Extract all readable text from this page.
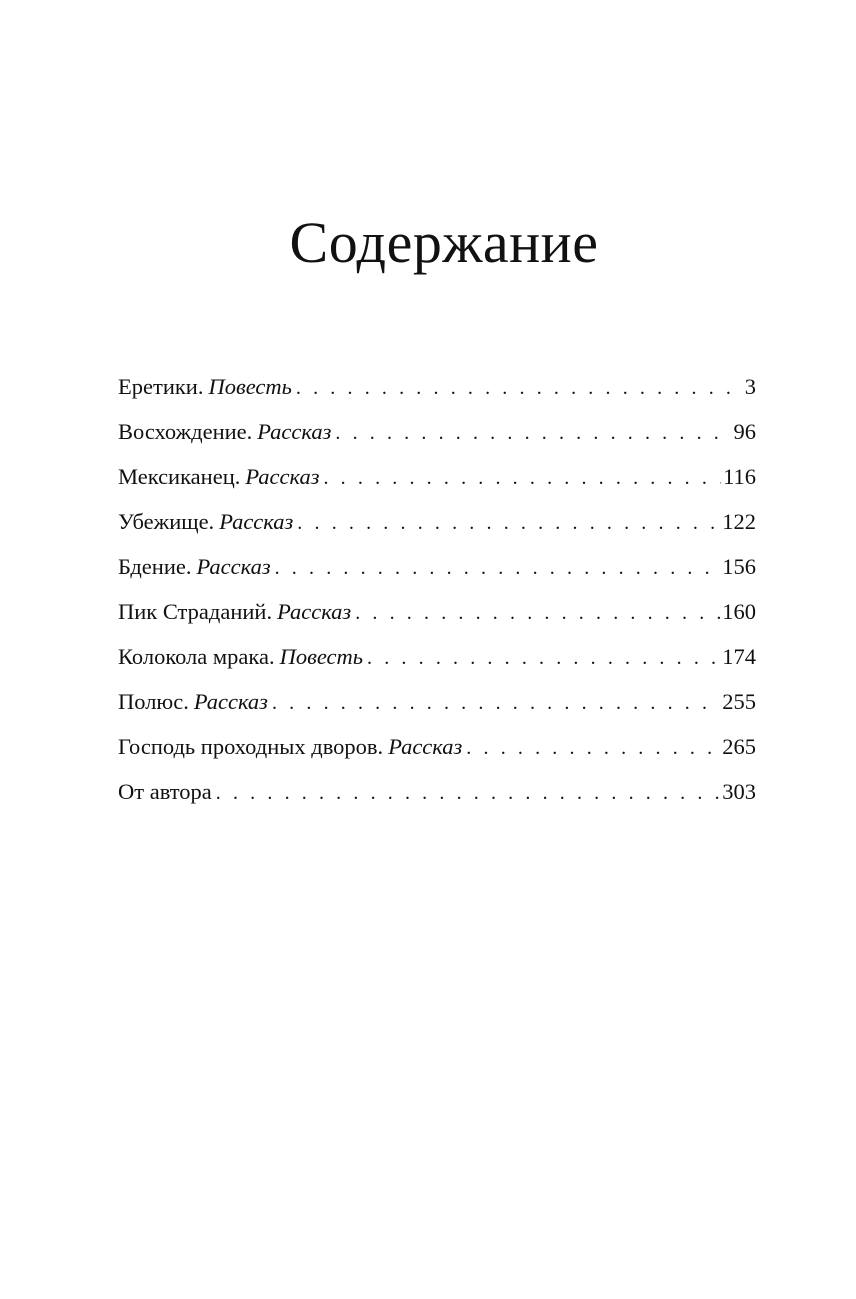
Содержание
Еретики. Повесть . . .	3
Восхождение. Рассказ . . .	96
Мексиканец. Рассказ . . .	116
Убежище. Рассказ . . .	122
Бдение. Рассказ . . .	156
Пик Страданий. Рассказ . . .	160
Колокола мрака. Повесть . . .	174
Полюс. Рассказ . . .	255
Господь проходных дворов. Рассказ . . .	265
От автора . . .	303
